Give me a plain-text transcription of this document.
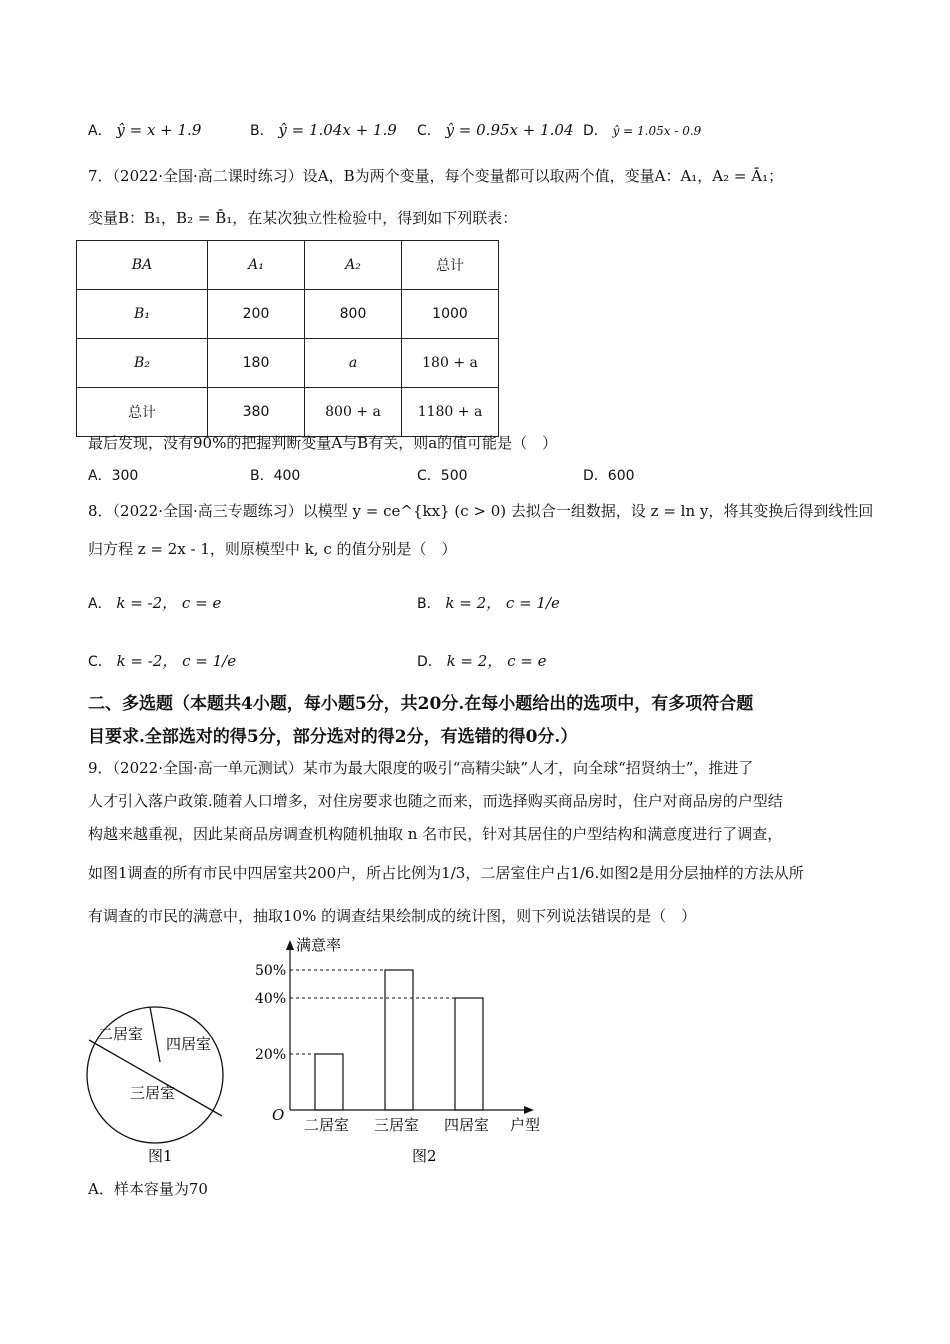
A． ŷ = x + 1.9	B． ŷ = 1.04x + 1.9 C． ŷ = 0.95x + 1.04 D． ŷ = 1.05x - 0.9
7．（2022·全国·高二课时练习）设A，B为两个变量，每个变量都可以取两个值，变量A：A₁，A₂ = Ā₁；
变量B：B₁，B₂ = B̄₁，在某次独立性检验中，得到如下列联表：
BA	A₁	A₂	总计
B₁	200	800	1000
B₂	180	a	180 + a
总计	380	800 + a	1180 + a
最后发现，没有90%的把握判断变量A与B有关，则a的值可能是（　）
A．300	B．400	C．500	D．600
8．（2022·全国·高三专题练习）以模型 y = ce^{kx} (c > 0) 去拟合一组数据，设 z = ln y，将其变换后得到线性回
归方程 z = 2x - 1，则原模型中 k, c 的值分别是（　）
A． k = -2， c = e	B． k = 2， c = 1/e
C． k = -2， c = 1/e	D． k = 2， c = e
二、多选题（本题共4小题，每小题5分，共20分.在每小题给出的选项中，有多项符合题
目要求.全部选对的得5分，部分选对的得2分，有选错的得0分.）
9．（2022·全国·高一单元测试）某市为最大限度的吸引“高精尖缺”人才，向全球“招贤纳士”，推进了
人才引入落户政策.随着人口增多，对住房要求也随之而来，而选择购买商品房时，住户对商品房的户型结
构越来越重视，因此某商品房调查机构随机抽取 n 名市民，针对其居住的户型结构和满意度进行了调查，
如图1调查的所有市民中四居室共200户，所占比例为1/3，二居室住户占1/6.如图2是用分层抽样的方法从所
有调查的市民的满意中，抽取10% 的调查结果绘制成的统计图，则下列说法错误的是（　）
二居室
三居室
四居室
图1
满意率
户型
O
图2
二居室 三居室 四居室
20%
40%
50%
A．样本容量为70
